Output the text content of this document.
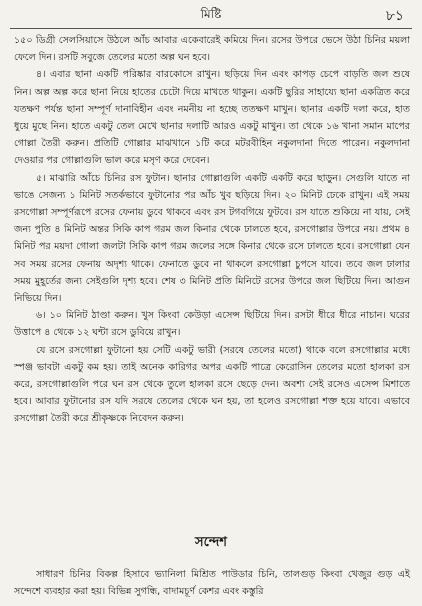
মিষ্টি	৮১

১৫০ ডিগ্রী সেলসিয়াসে উঠলে আঁচ আবার একেবারেই কমিয়ে দিন। রসের উপরে ভেসে উঠা চিনির ময়লা ফেলে দিন। রসটি সবুজে তেলের মতো অল্প ঘন হবে।

৪। এবার ছানা একটি পরিষ্কার বারকোসে রাখুন। ছড়িয়ে দিন এবং কাপড় চেপে বাড়তি জল শুষে নিন। অল্প অল্প করে ছানা নিয়ে হাতের চেটো দিয়ে মাখতে থাকুন। একটি ছুরির সাহায্যে ছানা একত্রিত করে যতক্ষণ পর্যন্ত ছানা সম্পূর্ণ দানাবিহীন এবং নমনীয় না হচ্ছে ততক্ষণ মাখুন। ছানার একটি দলা করে, হাত ধুয়ে মুছে নিন। হাতে একটু তেল মেখে ছানার দলাটি আরও একটু মাখুন। তা থেকে ১৬ খানা সমান মাপের গোল্লা তৈরী করুন। প্রতিটি গোল্লার মাঝখানে ১টি করে মটরবীহিন নকুলদানা দিতে পারেন। নকুলদানা দেওয়ার পর গোল্লাগুলি ভাল করে মসৃণ করে দেবেন।

৫। মাঝারি আঁচে চিনির রস ফুটান। ছানার গোল্লাগুলি একটি একটি করে ছাড়ুন। সেগুলি যাতে না ভাঙে সেজন্য ১ মিনিট সতর্কভাবে ফুটানোর পর আঁচ খুব ছড়িয়ে দিন। ২০ মিনিট ঢেকে রাখুন। এই সময় রসগোল্লা সম্পূর্ণরূপে রসের ফেনায় ডুবে থাকবে এবং রস টগবগিয়ে ফুটবে। রস যাতে শুকিয়ে না যায়, সেই জন্য পুতি ৪ মিনিট অন্তর সিকি কাপ গরম জল কিনার থেকে ঢালতে হবে, রসগোল্লার উপরে নয়। প্রথম ৪ মিনিট পর ময়দা গোলা জলটা সিকি কাপ গরম জলের সঙ্গে কিনার থেকে রসে ঢালতে হবে। রসগোল্লা যেন সব সময় রসের ফেনায় অদৃশ্য থাকে। ফেনাতে ডুবে না থাকলে রসগোল্লা চুপসে যাবে। তবে জল ঢালার সময় মুহূর্তের জন্য সেইগুলি দৃশ্য হবে। শেষ ৩ মিনিট প্রতি মিনিটে রসের উপরে জল ছিটিয়ে দিন। আগুন নিভিয়ে দিন।

৬। ১০ মিনিট ঠাণ্ডা করুন। খুস কিংবা কেউড়া এসেন্স ছিটিয়ে দিন। রসটা ধীরে ধীরে নাচান। ঘরের উত্তাপে ৪ থেকে ১২ ঘন্টা রসে ডুবিয়ে রাখুন।

যে রসে রসগোল্লা ফুটানো হয় সেটি একটু ভারী (সরষে তেলের মতো) থাকে বলে রসগোল্লার মধ্যে স্পঞ্জ ভাবটা একটু কম হয়। তাই অনেক কারিগর অপর একটি পাত্রে কেরোসিন তেলের মতো হালকা রস করে, রসগোল্লাগুলি পরে ঘন রস থেকে তুলে হালকা রসে ছেড়ে দেন। অবশ্য সেই রসেও এসেন্স মিশাতে হবে। আবার ফুটানোর রস যদি সরষে তেলের থেকে ঘন হয়, তা হলেও রসগোল্লা শক্ত হয়ে যাবে। এভাবে রসগোল্লা তৈরী করে শ্রীকৃষ্ণকে নিবেদন করুন।

সন্দেশ

সাধারণ চিনির বিকল্প হিসাবে ভ্যানিলা মিশ্রিত পাউডার চিনি, তালগুড় কিংবা খেজুর গুড় এই সন্দেশে ব্যবহার করা হয়। বিভিন্ন সুগন্ধি, বাদামচূর্ণ কেশর এবং কস্তুরি
